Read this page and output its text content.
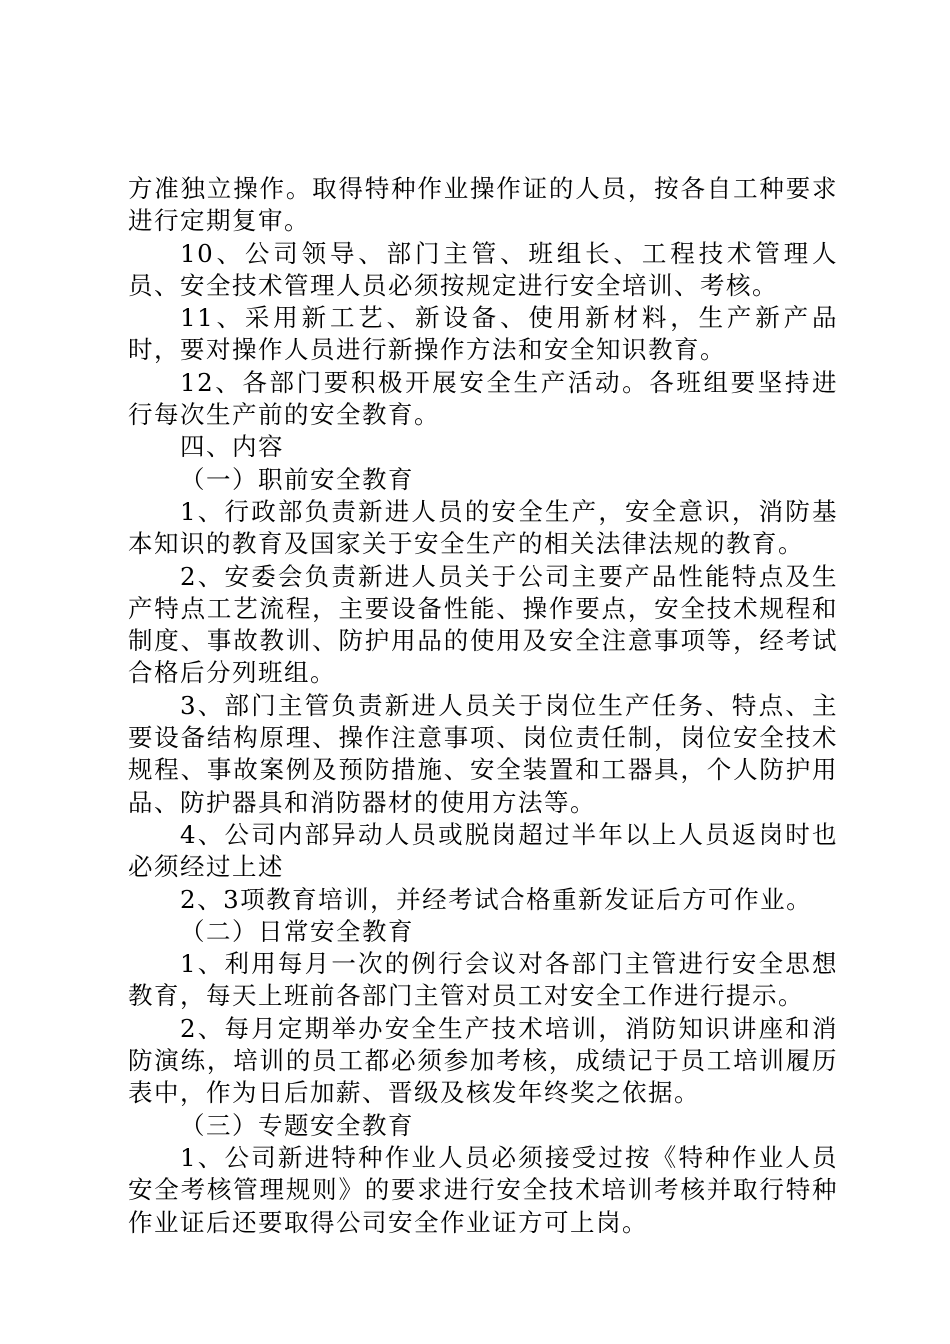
方准独立操作。取得特种作业操作证的人员，按各自工种要求进行定期复审。

10、公司领导、部门主管、班组长、工程技术管理人员、安全技术管理人员必须按规定进行安全培训、考核。

11、采用新工艺、新设备、使用新材料，生产新产品时，要对操作人员进行新操作方法和安全知识教育。

12、各部门要积极开展安全生产活动。各班组要坚持进行每次生产前的安全教育。

四、内容

（一）职前安全教育

1、行政部负责新进人员的安全生产，安全意识，消防基本知识的教育及国家关于安全生产的相关法律法规的教育。

2、安委会负责新进人员关于公司主要产品性能特点及生产特点工艺流程，主要设备性能、操作要点，安全技术规程和制度、事故教训、防护用品的使用及安全注意事项等，经考试合格后分列班组。

3、部门主管负责新进人员关于岗位生产任务、特点、主要设备结构原理、操作注意事项、岗位责任制，岗位安全技术规程、事故案例及预防措施、安全装置和工器具，个人防护用品、防护器具和消防器材的使用方法等。

4、公司内部异动人员或脱岗超过半年以上人员返岗时也必须经过上述

2、3项教育培训，并经考试合格重新发证后方可作业。

（二）日常安全教育

1、利用每月一次的例行会议对各部门主管进行安全思想教育，每天上班前各部门主管对员工对安全工作进行提示。

2、每月定期举办安全生产技术培训，消防知识讲座和消防演练，培训的员工都必须参加考核，成绩记于员工培训履历表中，作为日后加薪、晋级及核发年终奖之依据。

（三）专题安全教育

1、公司新进特种作业人员必须接受过按《特种作业人员安全考核管理规则》的要求进行安全技术培训考核并取行特种作业证后还要取得公司安全作业证方可上岗。
